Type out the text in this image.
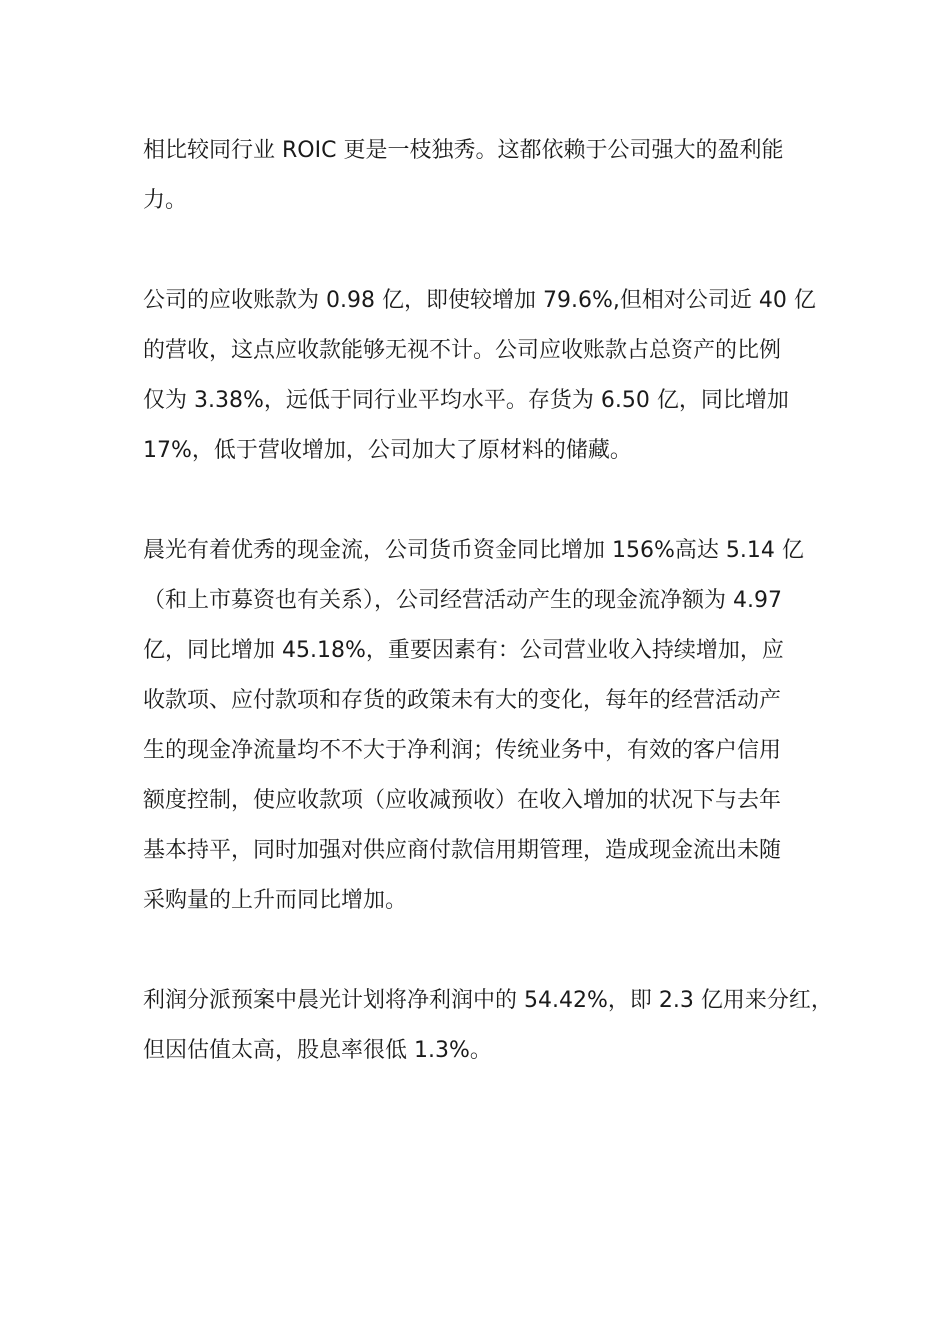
相比较同行业 ROIC 更是一枝独秀。这都依赖于公司强大的盈利能
力。

公司的应收账款为 0.98 亿，即使较增加 79.6%,但相对公司近 40 亿
的营收，这点应收款能够无视不计。公司应收账款占总资产的比例
仅为 3.38%，远低于同行业平均水平。存货为 6.50 亿，同比增加
17%，低于营收增加，公司加大了原材料的储藏。

晨光有着优秀的现金流，公司货币资金同比增加 156%高达 5.14 亿
（和上市募资也有关系），公司经营活动产生的现金流净额为 4.97
亿，同比增加 45.18%，重要因素有：公司营业收入持续增加，应
收款项、应付款项和存货的政策未有大的变化，每年的经营活动产
生的现金净流量均不不大于净利润；传统业务中，有效的客户信用
额度控制，使应收款项（应收减预收）在收入增加的状况下与去年
基本持平，同时加强对供应商付款信用期管理，造成现金流出未随
采购量的上升而同比增加。

利润分派预案中晨光计划将净利润中的 54.42%，即 2.3 亿用来分红，
但因估值太高，股息率很低 1.3%。
